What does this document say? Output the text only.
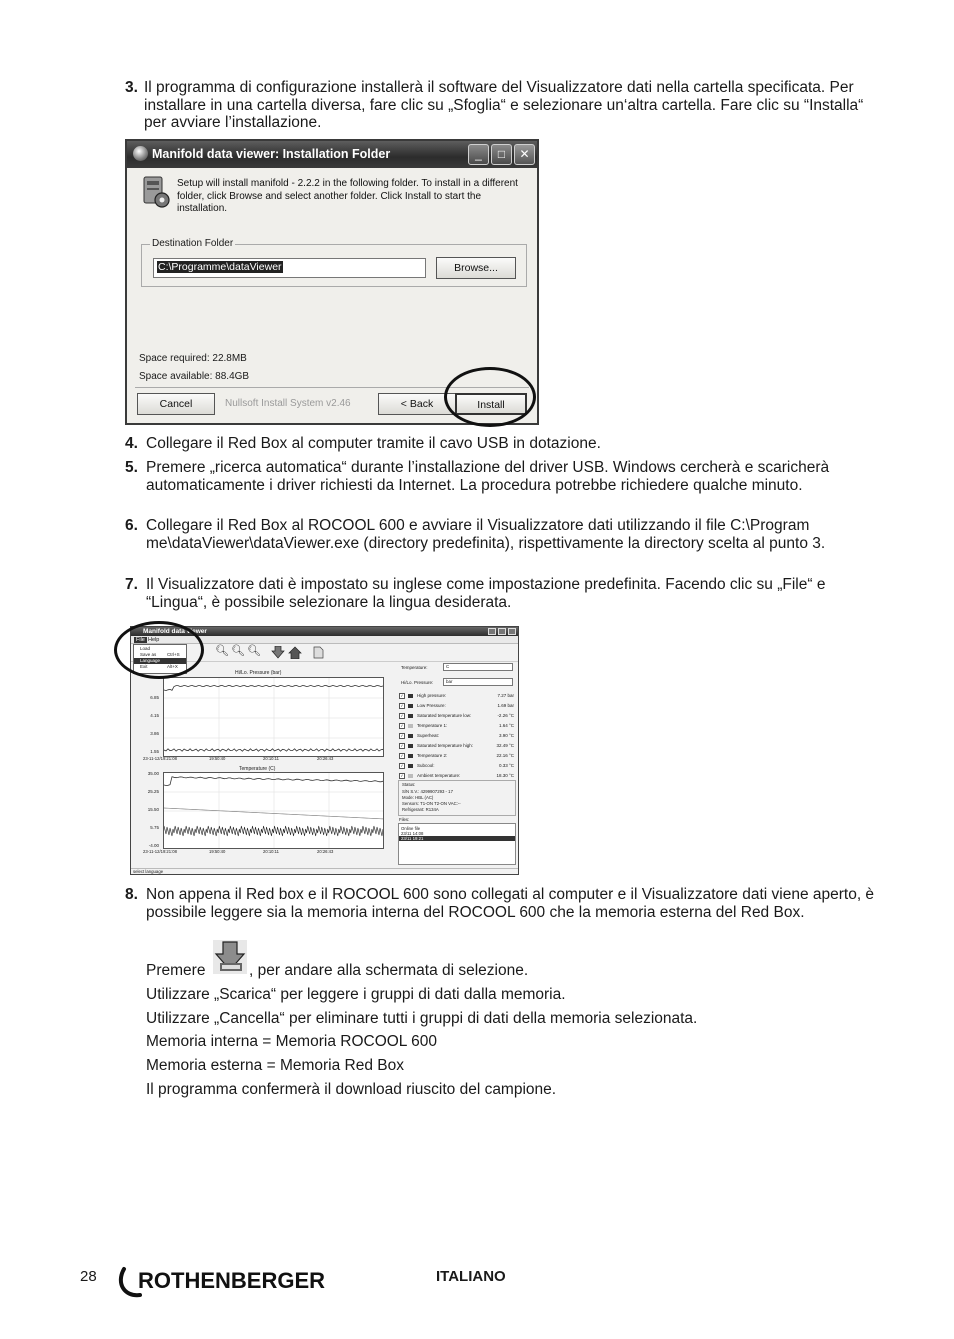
3. Il programma di configurazione installerà il software del Visualizzatore dati nella cartella specificata. Per installare in una cartella diversa, fare clic su „Sfoglia“ e selezionare un‘altra cartella. Fare clic su “Installa“ per avviare l’installazione.
Manifold data viewer: Installation Folder	_	□	✕
Setup will install manifold - 2.2.2 in the following folder. To install in a different folder, click Browse and select another folder. Click Install to start the installation.
Destination Folder
C:\Programme\dataViewer	Browse...
Space required: 22.8MB
Space available: 88.4GB
Cancel	Nullsoft Install System v2.46	< Back	Install
4. Collegare il Red Box al computer tramite il cavo USB in dotazione.
5. Premere „ricerca automatica“ durante l’installazione del driver USB. Windows cercherà e scaricherà automaticamente i driver richiesti da Internet. La procedura potrebbe richiedere qualche minuto.
6. Collegare il Red Box al ROCOOL 600 e avviare il Visualizzatore dati utilizzando il file C:\Program me\dataViewer\dataViewer.exe (directory predefinita), rispettivamente la directory scelta al punto 3.
7. Il Visualizzatore dati è impostato su inglese come impostazione predefinita. Facendo clic su „File“ e “Lingua“, è possibile selezionare la lingua desiderata.
Manifold data viewer
File Help
🔍︎ 🔍︎ 🔍︎
Hi/Lo. Pressure (bar)
6.85
4.15
3.86
1.55
23-11-12/19:21:08	19:50:40	20:10:11	20:26:43
Temperature (C)
35.00
25.25
15.50
5.75
-4.00
23-11-12/19:21:08	19:50:40	20:10:11	20:26:43
Temperature:	C
Hi/Lo. Pressure:	bar
✓	High pressure:	7.27 bar
✓	Low Pressure:	1.69 bar
✓	Saturated temperature low:	-2.26 °C
✓	Temperature 1:	1.64 °C
✓	Superheat:	3.90 °C
✓	Saturated temperature high:	32.49 °C
✓	Temperature 2:	22.16 °C
✓	Subcool:	0.33 °C
✓	Ambient temperature:	18.30 °C
Status:
S/N S.V.: 4299907293 - 17
Mode: HBL (AC)
Sensors: T1-ON T2-ON VAC:--
Refrigerant: R134A
Files:
Online file
23/11 14:08
23/11 19:21
select language
Load
Save as Ctrl+S
Language
Exit	Alt+X
8. Non appena il Red box e il ROCOOL 600 sono collegati al computer e il Visualizzatore dati viene aperto, è possibile leggere sia la memoria interna del ROCOOL 600 che la memoria esterna del Red Box.
Premere	, per andare alla schermata di selezione.
Utilizzare „Scarica“ per leggere i gruppi di dati dalla memoria.
Utilizzare „Cancella“ per eliminare tutti i gruppi di dati della memoria selezionata.
Memoria interna = Memoria ROCOOL 600
Memoria esterna = Memoria Red Box
Il programma confermerà il download riuscito del campione.
28 ROTHENBERGER	ITALIANO
